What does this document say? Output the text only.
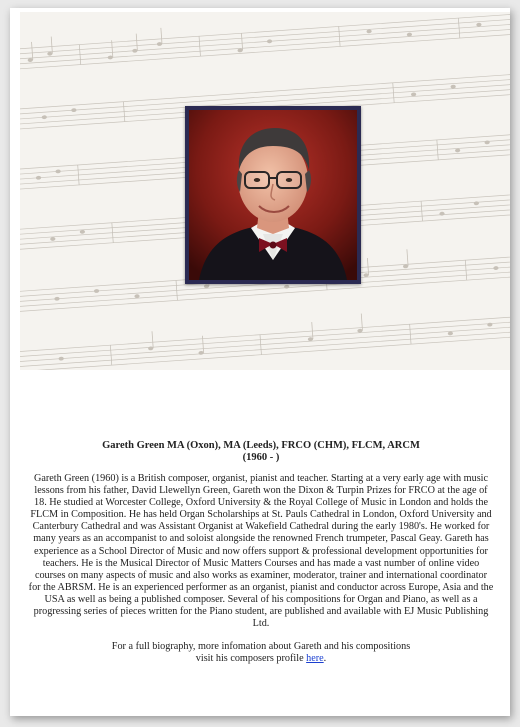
Gareth Green MA (Oxon), MA (Leeds), FRCO (CHM), FLCM, ARCM

(1960 - )

Gareth Green (1960) is a British composer, organist, pianist and teacher. Starting at a very early age with music lessons from his father, David Llewellyn Green, Gareth won the Dixon & Turpin Prizes for FRCO at the age of 18. He studied at Worcester College, Oxford University & the Royal College of Music in London and holds the FLCM in Composition. He has held Organ Scholarships at St. Pauls Cathedral in London, Oxford University and Canterbury Cathedral and was Assistant Organist at Wakefield Cathedral during the early 1980's. He worked for many years as an accompanist to and soloist alongside the renowned French trumpeter, Pascal Geay. Gareth has experience as a School Director of Music and now offers support & professional development opportunities for teachers. He is the Musical Director of Music Matters Courses and has made a vast number of online video courses on many aspects of music and also works as examiner, moderator, trainer and international coordinator for the ABRSM. He is an experienced performer as an organist, pianist and conductor across Europe, Asia and the USA as well as being a published composer. Several of his compositions for Organ and Piano, as well as a progressing series of pieces written for the Piano student, are published and available with EJ Music Publishing Ltd.

For a full biography, more infomation about Gareth and his compositions
visit his composers profile here.
